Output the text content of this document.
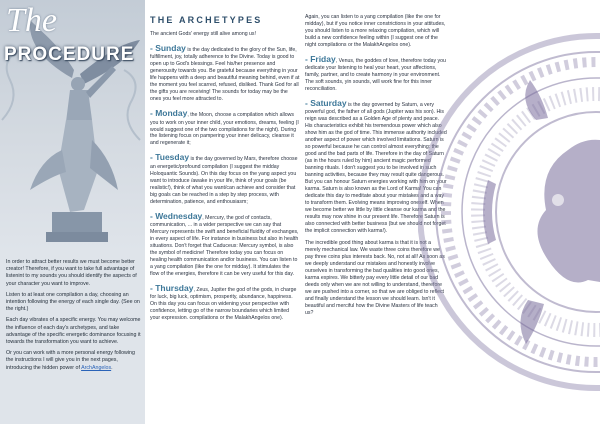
The
PROCEDURE

In order to attract better results we must become better creator! Therefore, if you want to take full advantage of listenint to my sounds you should identify the aspects of your character you want to improve.

Listen to at least one compilation a day, choosing an intention following the energy of each single day. (See on the right.)

Each day vibrates of a specific energy. You may welcome the influence of each day's archetypes, and take advantage of the specific energetic dominance focusing it towards the transformation you want to achieve.

Or you can work with a more personal energy following the instructions I will give you in the next pages, introducing the hidden power of ArchAngelos.

THE ARCHETYPES

The ancient Gods' energy still alive among us!

- Sunday is the day dedicated to the glory of the Sun, life, fulfillment, joy, totally adherence to the Divine. Today is good to open up to God's blessings. Feel his/her presence and generousity towards you. Be grateful because everything in your life happens with a deep and beautiful meaning behind, even if at the moment you feel scarred, refused, disliked. Thank God for all the gifts you are receiving! The sounds for today may be the ones you feel more attracted to.

- Monday, the Moon, choose a compilation which allows you to work on your inner child, your emotions, dreams, feeling (I would suggest one of the two compilations for the night). During the listening focus on pampering your inner delicacy, cleanse it and regenerate it;

- Tuesday is the day governed by Mars, therefore choose an energetic/profound compilation (I suggest the midday Holoquantic Sounds). On this day focus on the yang aspect you want to introduce /awake in your life, think of your goals (be realistic!), think of what you want/can achieve and consider that big goals can be reached in a step by step process, with determination, patience, and enthousiasm;

- Wednesday, Mercury, the god of contacts, communication, ... in a wider perspective we can say that Mercury represents the swift and beneficial fluidity of exchanges, in every aspect of life. For instance in business but also in health situations. Don't forget that Caduceus: Mercury symbol, is also the symbol of medicine! Therefore today you can focus on healing health communication and/or business. You can listen to a yang compilation (like the one for midday). It stimulates the flow of the energies, therefore it can be very useful for this day.

- Thursday, Zeus, Jupiter the god of the gods, in charge for luck, big luck, optimism, prosperity, abundance, happiness. On this day you can focus on widening your perspective with confidence, letting go of the narrow boundaries which limited your expression. compilations or the MalakhAngelos one).

Again, you can listen to a yang compilation (like the one for midday), but if you notice inner constrictions in your attitudes, you should listen to a more relaxing compilation, which will build a new confidence feeling within (I suggest one of the night compilations or the MalakhAngelos one).

- Friday, Venus, the goddes of love, therefore today you dedicate your listening to heal your heart, your affections, family, partner, and to create harmony in your environment. The soft sounds, yin sounds, will work fine for this inner reconciliation.

- Saturday is the day governed by Saturn, a very powerful god, the father of all gods (Jupiter was his son). His reign was described as a Golden Age of plenty and peace. His characteristics exhibit his tremendous power which also show him as the god of time. This immense authority included another aspect of power which involved limitations. Saturn is so powerful because he can control almost everything: the good and the bad parts of life. Therefore in the day of Saturn (as in the hours ruled by him) ancient magic performed banning rituals. I don't suggest you to be involved in such banning activities, because they may result quite dangerous. But you can honour Saturn energies working with him on your karma. Saturn is also known as the Lord of Karma! You can dedicate this day to meditate about your mistakes and a way to transform them. Evolving means improving oneself. When we become better we little by little cleanse our karma and the results may now shine in our present life. Therefore Saturn is also connected with better business (but we should not forget the implicit connection with karma!).

The incredible good thing about karma is that it is not a merely mechanical law. We waste three coins therefore we pay three coins plus interests back. No, not at all! As soon as we deeply understand our mistakes and honestly involve ourselves in transforming the bad qualities into good ones, karma expires. We bitterly pay every little detail of our bad deeds only when we are not willing to understand, therefore we are pushed into a corner, so that we are obliged to reflect and finally understand the lesson we should learn. Isn't it beautiful and merciful how the Divine Masters of life teach us?
